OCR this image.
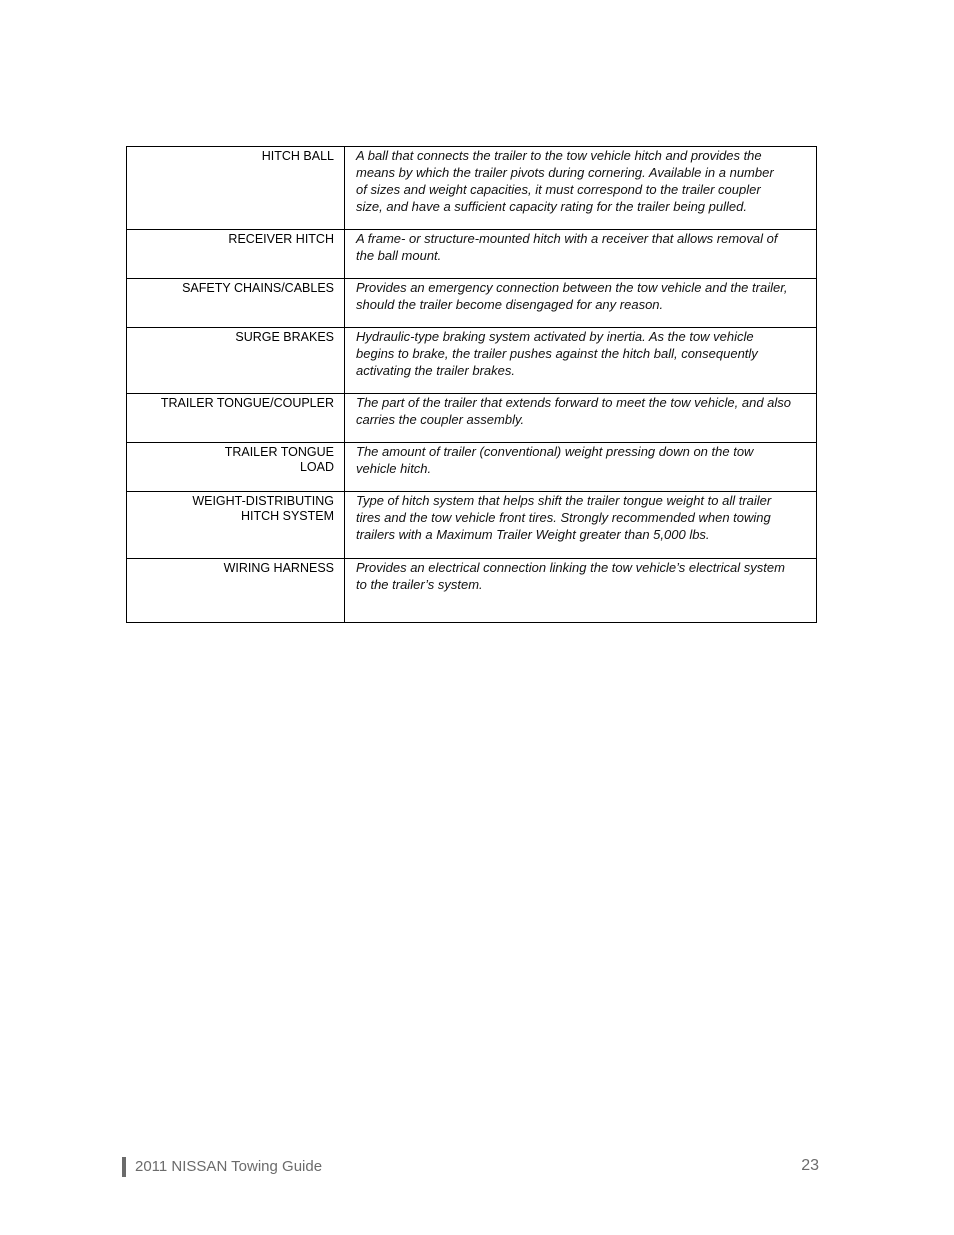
HITCH BALL	A ball that connects the trailer to the tow vehicle hitch and provides the
means by which the trailer pivots during cornering. Available in a number
of sizes and weight capacities, it must correspond to the trailer coupler
size, and have a sufficient capacity rating for the trailer being pulled.

RECEIVER HITCH	A frame- or structure-mounted hitch with a receiver that allows removal of
the ball mount.

SAFETY CHAINS/CABLES	Provides an emergency connection between the tow vehicle and the trailer,
should the trailer become disengaged for any reason.

SURGE BRAKES	Hydraulic-type braking system activated by inertia. As the tow vehicle
begins to brake, the trailer pushes against the hitch ball, consequently
activating the trailer brakes.

TRAILER TONGUE/COUPLER	The part of the trailer that extends forward to meet the tow vehicle, and also
carries the coupler assembly.

TRAILER TONGUE
LOAD	The amount of trailer (conventional) weight pressing down on the tow
vehicle hitch.

WEIGHT-DISTRIBUTING
HITCH SYSTEM	Type of hitch system that helps shift the trailer tongue weight to all trailer
tires and the tow vehicle front tires. Strongly recommended when towing
trailers with a Maximum Trailer Weight greater than 5,000 lbs.

WIRING HARNESS	Provides an electrical connection linking the tow vehicle’s electrical system
to the trailer’s system.
2011 NISSAN Towing Guide	23
